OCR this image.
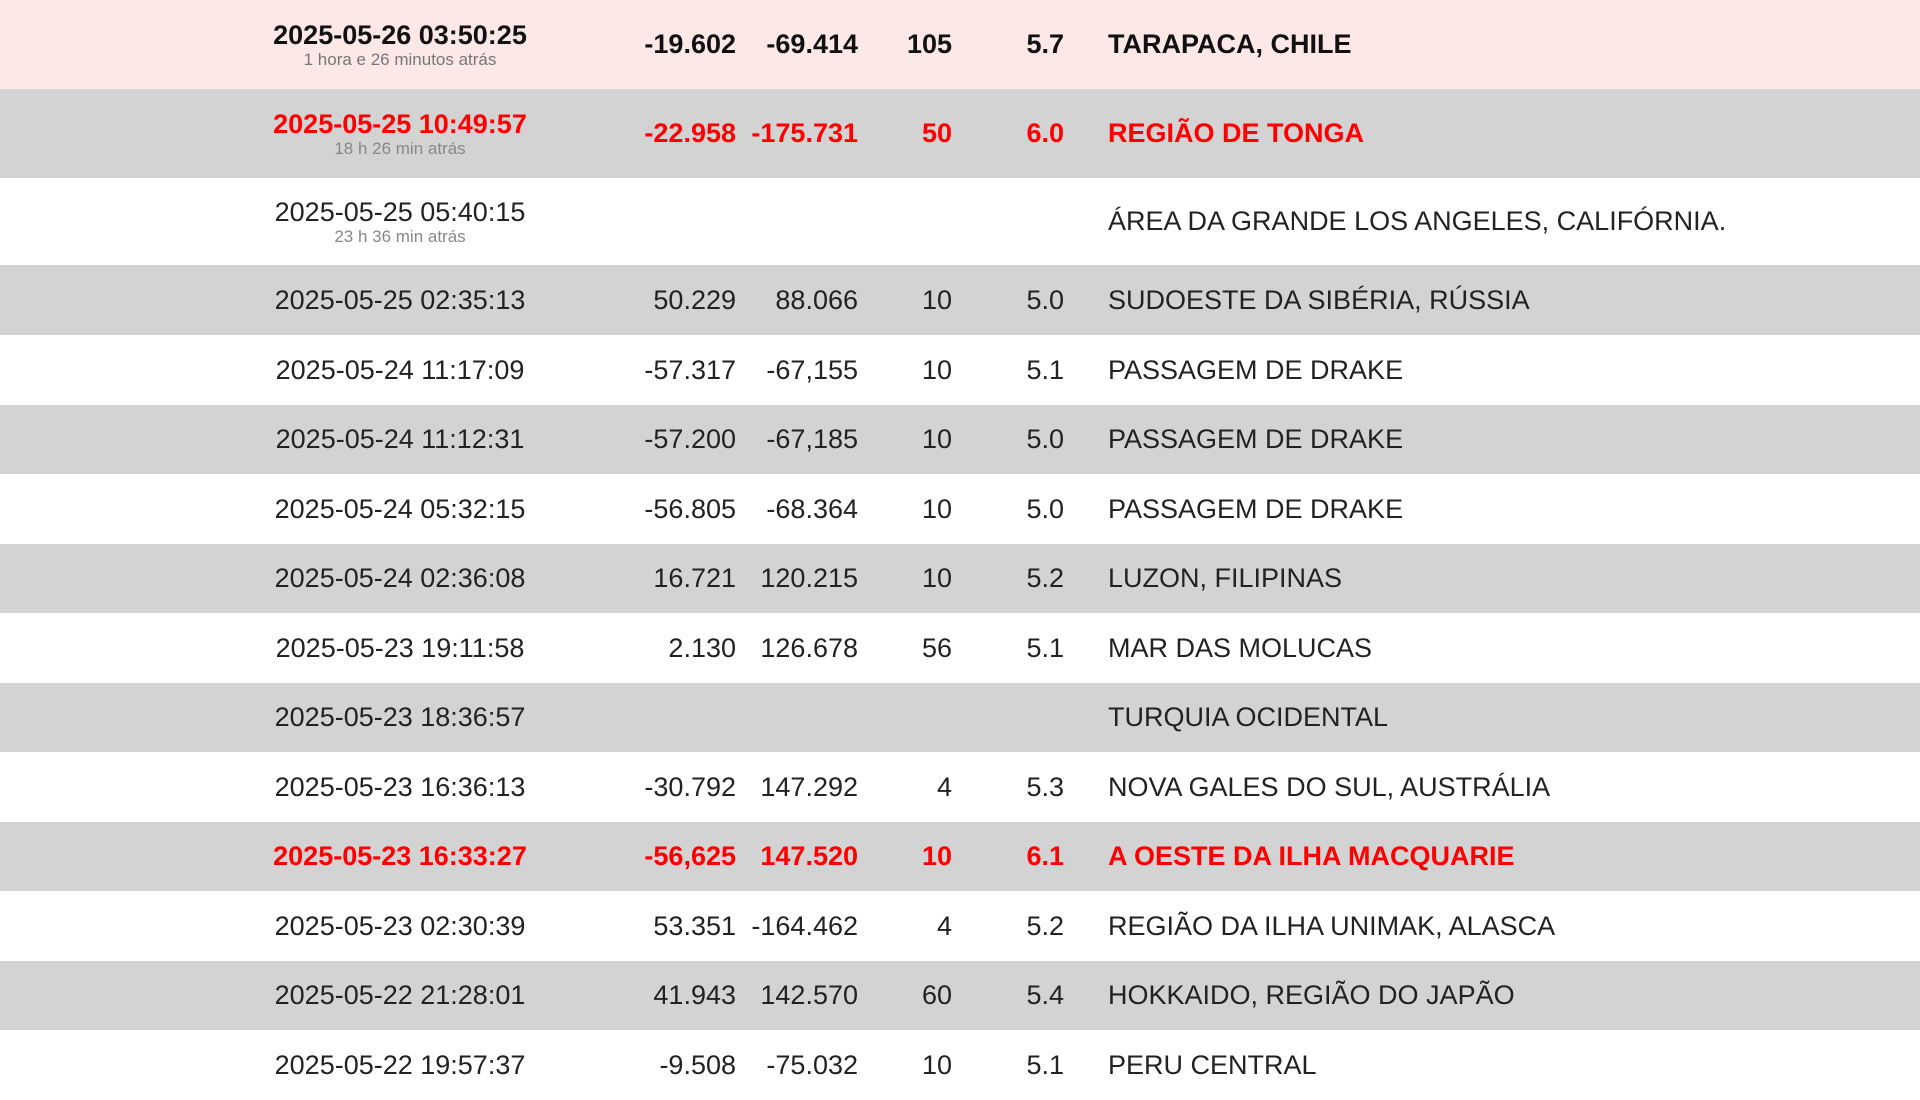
2025-05-26 03:50:25
1 hora e 26 minutos atrás	-19.602	-69.414	105	5.7 TARAPACA, CHILE
2025-05-25 10:49:57
18 h 26 min atrás	-22.958 -175.731	50	6.0 REGIÃO DE TONGA
2025-05-25 05:40:15
23 h 36 min atrás	ÁREA DA GRANDE LOS ANGELES, CALIFÓRNIA.
2025-05-25 02:35:13	50.229	88.066	10	5.0 SUDOESTE DA SIBÉRIA, RÚSSIA
2025-05-24 11:17:09	-57.317	-67,155	10	5.1 PASSAGEM DE DRAKE
2025-05-24 11:12:31	-57.200	-67,185	10	5.0 PASSAGEM DE DRAKE
2025-05-24 05:32:15	-56.805	-68.364	10	5.0 PASSAGEM DE DRAKE
2025-05-24 02:36:08	16.721 120.215	10	5.2 LUZON, FILIPINAS
2025-05-23 19:11:58	2.130 126.678	56	5.1 MAR DAS MOLUCAS
2025-05-23 18:36:57	TURQUIA OCIDENTAL
2025-05-23 16:36:13	-30.792 147.292	4	5.3 NOVA GALES DO SUL, AUSTRÁLIA
2025-05-23 16:33:27	-56,625 147.520	10	6.1 A OESTE DA ILHA MACQUARIE
2025-05-23 02:30:39	53.351 -164.462	4	5.2 REGIÃO DA ILHA UNIMAK, ALASCA
2025-05-22 21:28:01	41.943 142.570	60	5.4 HOKKAIDO, REGIÃO DO JAPÃO
2025-05-22 19:57:37	-9.508	-75.032	10	5.1 PERU CENTRAL
